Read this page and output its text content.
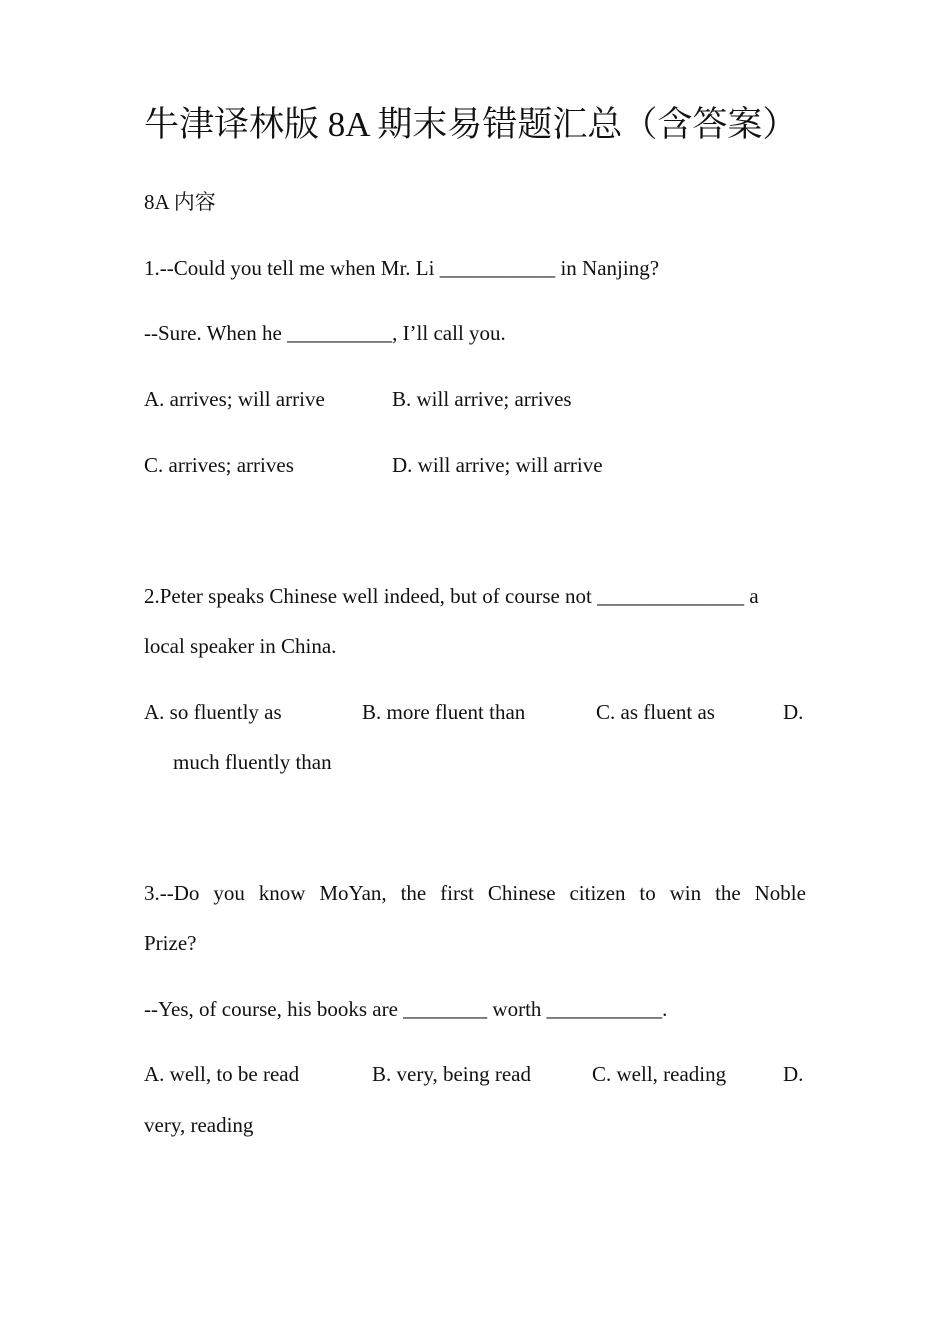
牛津译林版 8A 期末易错题汇总（含答案）
8A 内容
1.--Could you tell me when Mr. Li ___________ in Nanjing?
--Sure. When he __________, I’ll call you.
A. arrives; will arrive	B. will arrive; arrives
C. arrives; arrives	D. will arrive; will arrive
2.Peter speaks Chinese well indeed, but of course not ______________ a
local speaker in China.
A. so fluently as	B. more fluent than	C. as fluent as	D.
much fluently than
3.--Do you know MoYan, the first Chinese citizen to win the Noble
Prize?
--Yes, of course, his books are ________ worth ___________.
A. well, to be read	B. very, being read	C. well, reading	D.
very, reading
